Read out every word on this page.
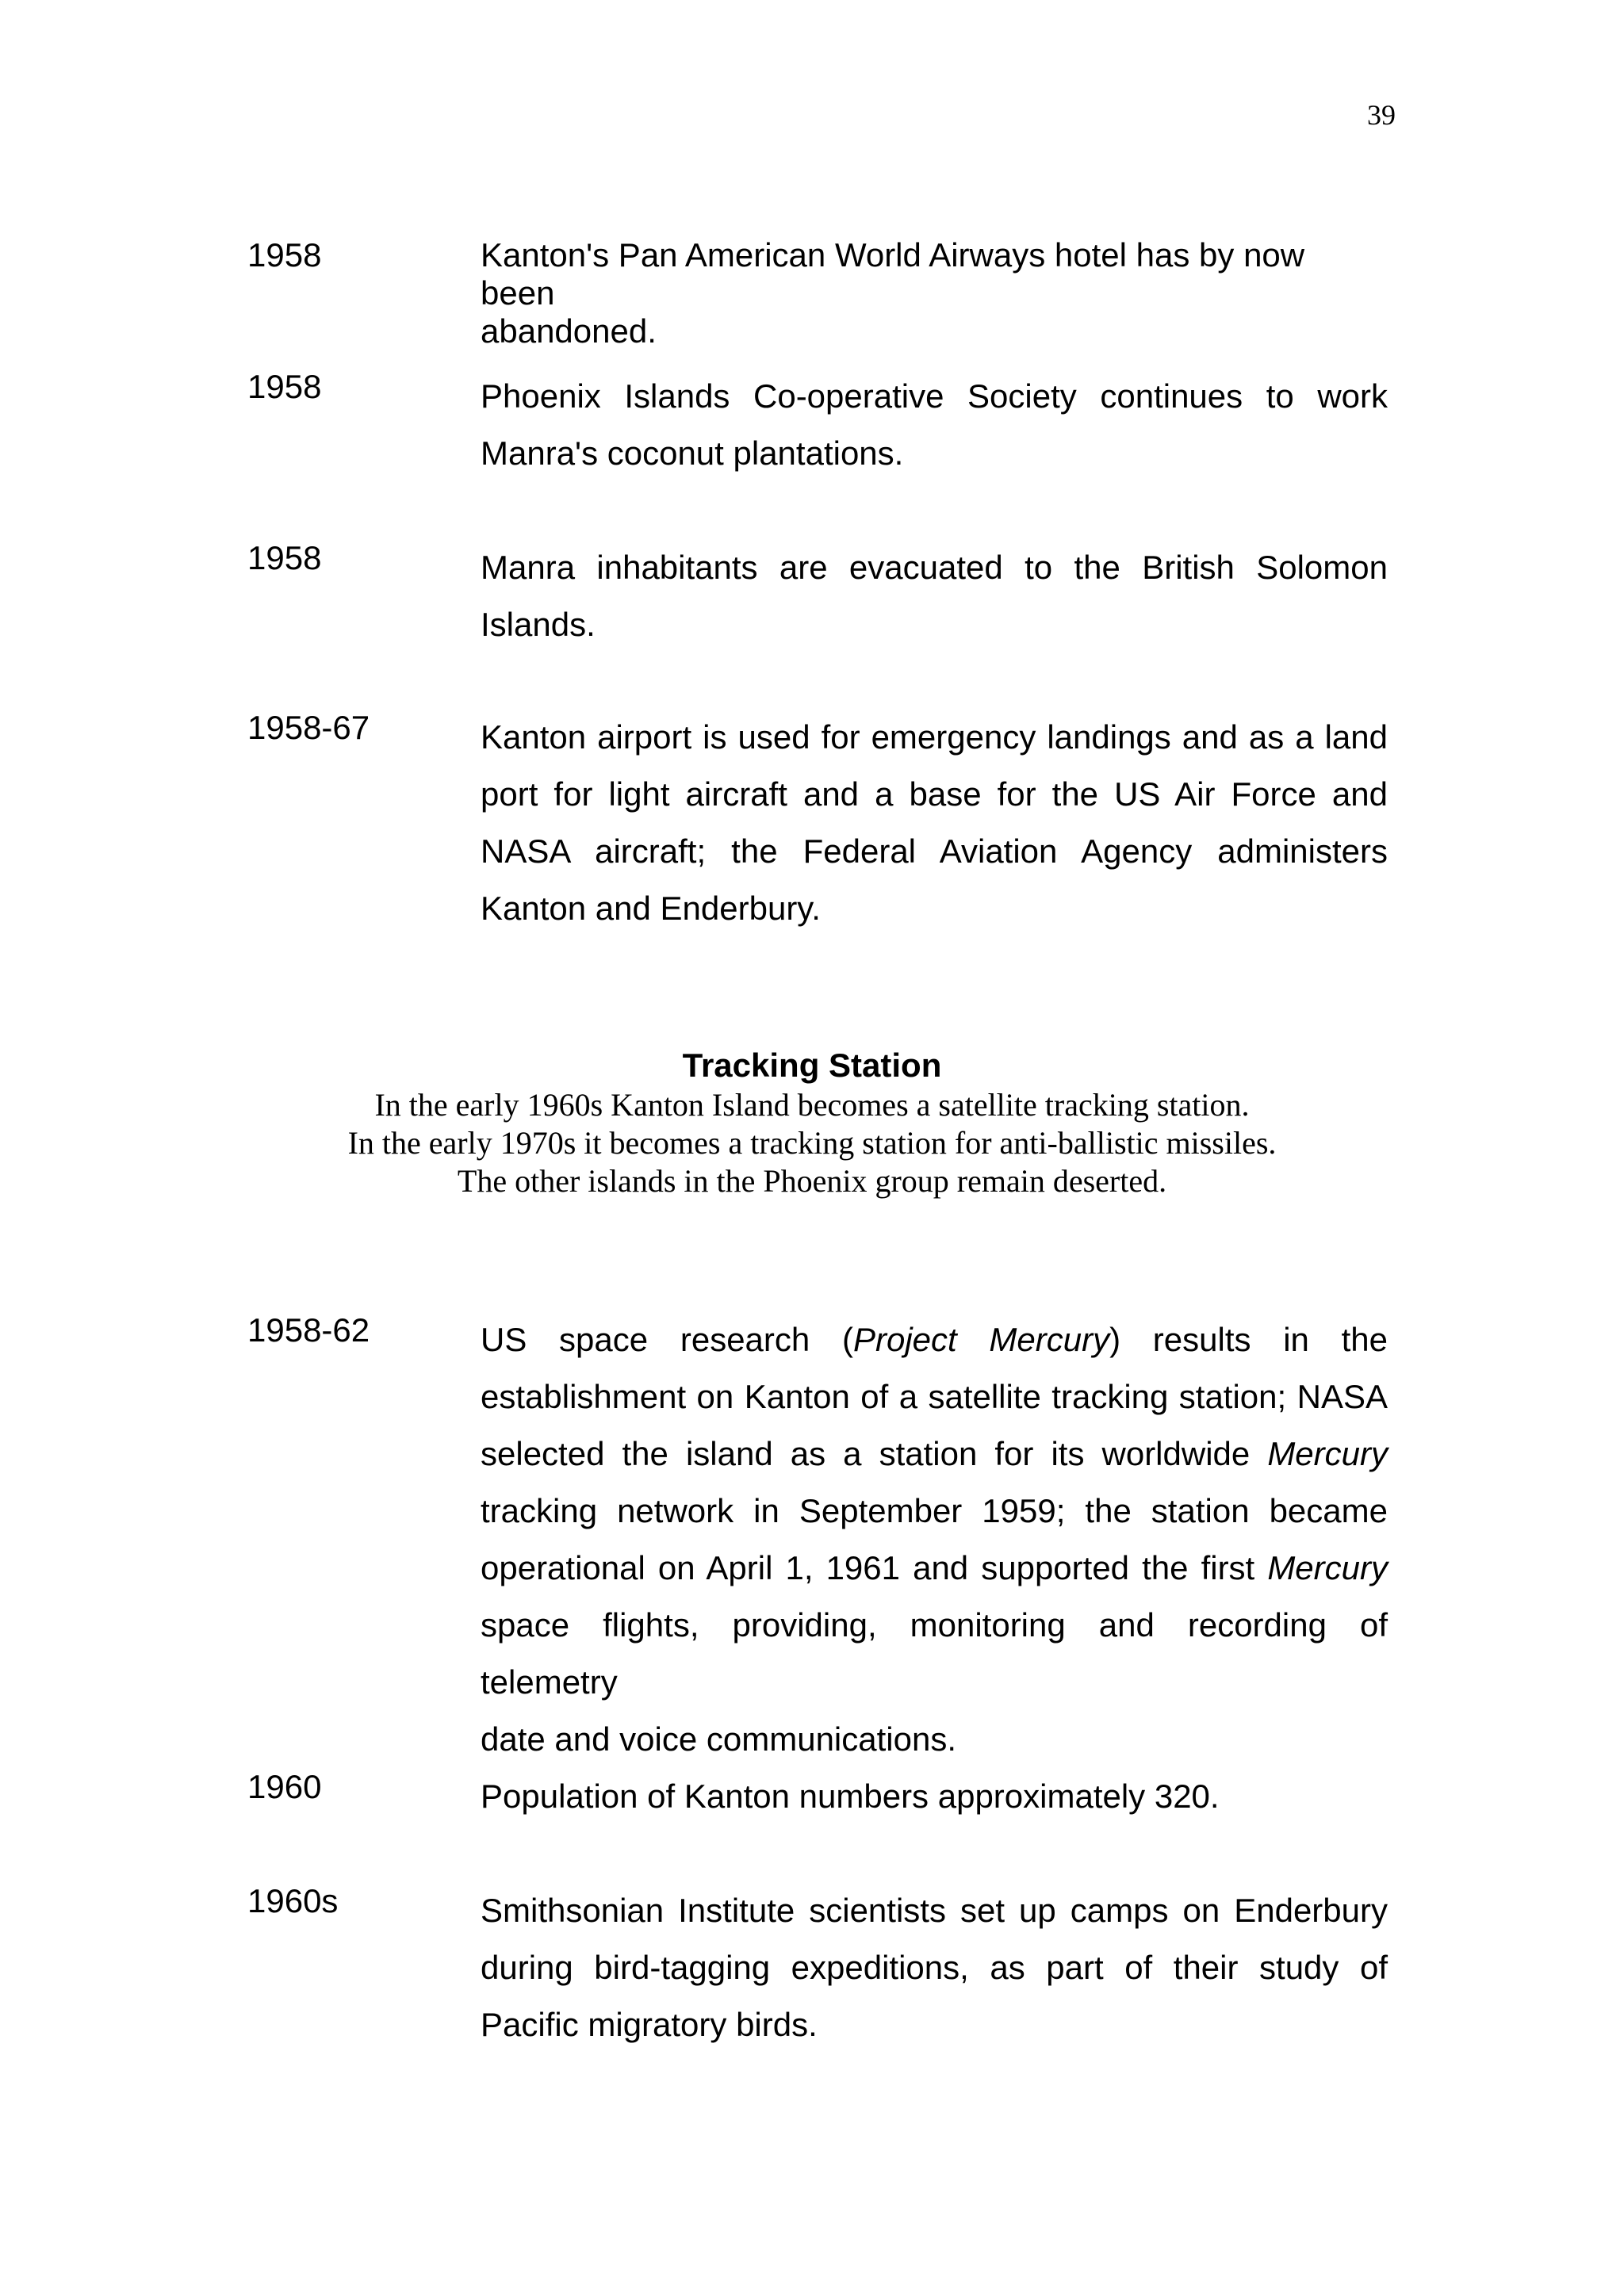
39
1958	Kanton's Pan American World Airways hotel has by now been
abandoned.
1958	Phoenix Islands Co-operative Society continues to work
Manra's coconut plantations.
1958	Manra inhabitants are evacuated to the British Solomon
Islands.
1958-67	Kanton airport is used for emergency landings and as a land
port for light aircraft and a base for the US Air Force and
NASA aircraft; the Federal Aviation Agency administers
Kanton and Enderbury.
Tracking Station
In the early 1960s Kanton Island becomes a satellite tracking station.
In the early 1970s it becomes a tracking station for anti-ballistic missiles.
The other islands in the Phoenix group remain deserted.
1958-62	US space research (Project Mercury) results in the
establishment on Kanton of a satellite tracking station; NASA
selected the island as a station for its worldwide Mercury
tracking network in September 1959; the station became
operational on April 1, 1961 and supported the first Mercury
space flights, providing, monitoring and recording of telemetry
date and voice communications.
1960	Population of Kanton numbers approximately 320.
1960s	Smithsonian Institute scientists set up camps on Enderbury
during bird-tagging expeditions, as part of their study of
Pacific migratory birds.
